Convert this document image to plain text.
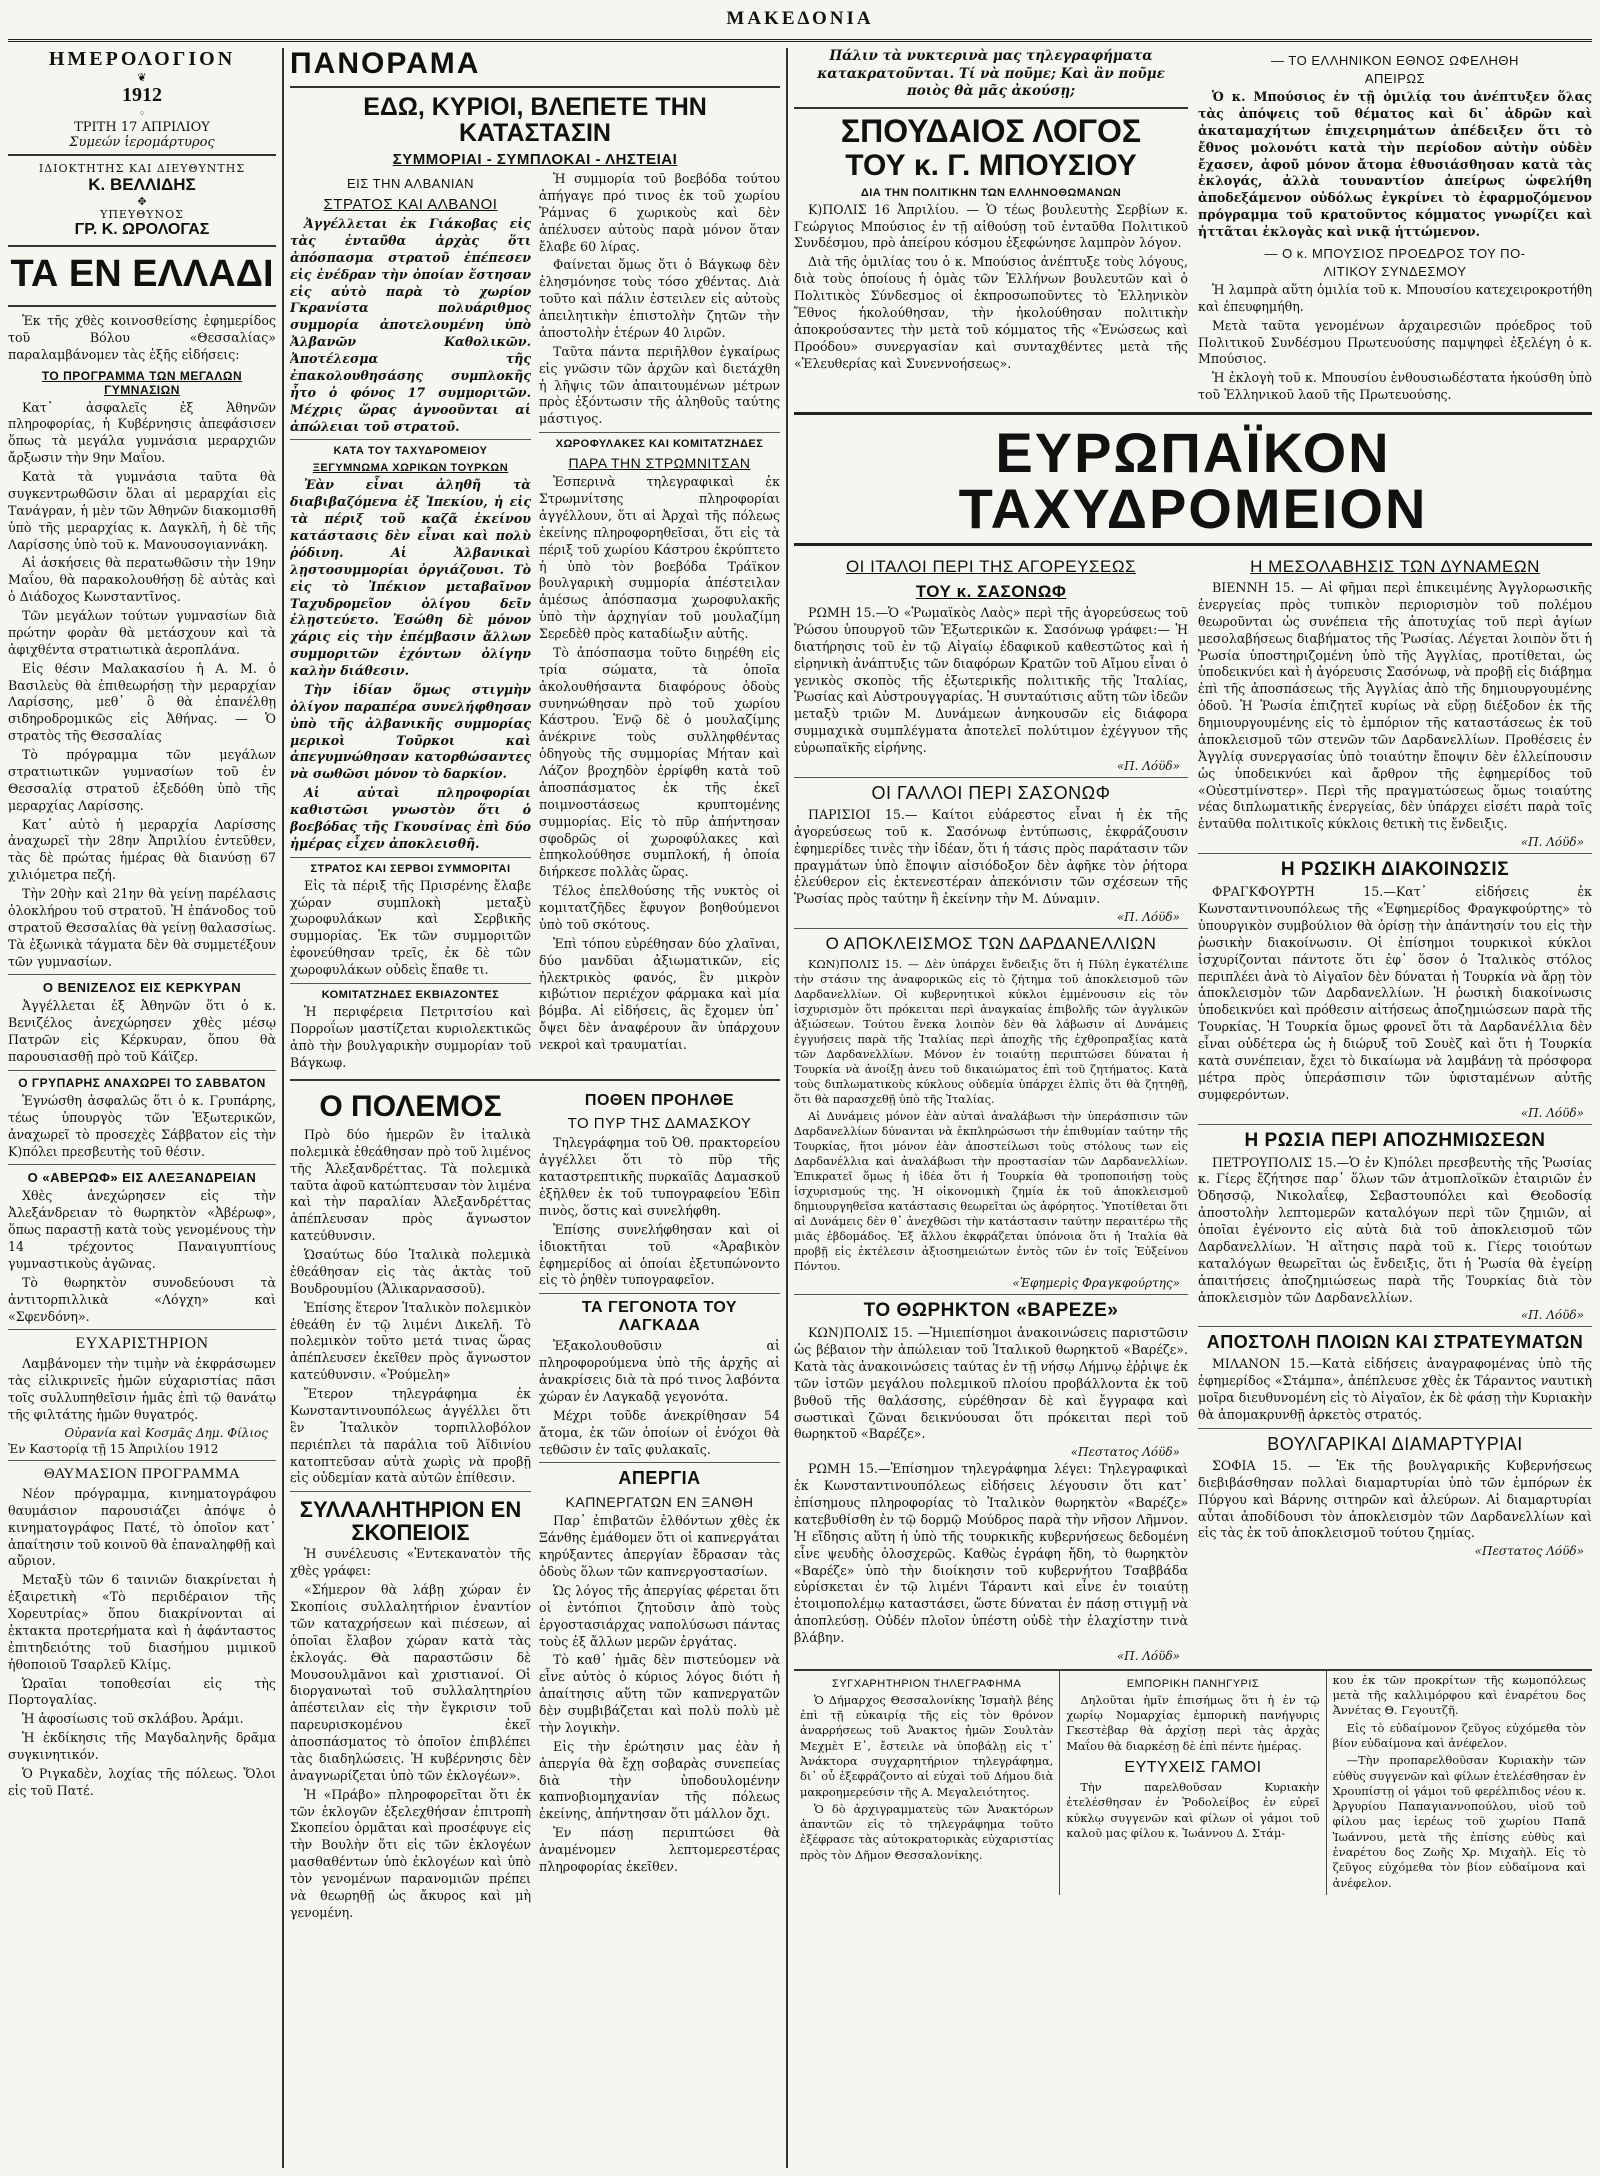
ΜΑΚΕΔΟΝΙΑ
ΗΜΕΡΟΛΟΓΙΟΝ
❦
1912
◦
ΤΡΙΤΗ 17 ΑΠΡΙΛΙΟΥ
Συμεών ἱερομάρτυρος
ΙΔΙΟΚΤΗΤΗΣ ΚΑΙ ΔΙΕΥΘΥΝΤΗΣ
Κ. ΒΕΛΛΙΔΗΣ
✥
ΥΠΕΥΘΥΝΟΣ
ΓΡ. Κ. ΩΡΟΛΟΓΑΣ
ΤΑ ΕΝ ΕΛΛΑΔΙ

Ἐκ τῆς χθὲς κοινοσθείσης ἐφημερίδος τοῦ Βόλου «Θεσσαλίας» παραλαμβάνομεν τὰς ἑξῆς εἰδήσεις:

ΤΟ ΠΡΟΓΡΑΜΜΑ ΤΩΝ ΜΕΓΑΛΩΝ ΓΥΜΝΑΣΙΩΝ

Κατ᾽ ἀσφαλεῖς ἐξ Ἀθηνῶν πληροφορίας, ἡ Κυβέρνησις ἀπεφάσισεν ὅπως τὰ μεγάλα γυμνάσια μεραρχιῶν ἄρξωσιν τὴν 9ην Μαΐου.

Κατὰ τὰ γυμνάσια ταῦτα θὰ συγκεντρωθῶσιν ὅλαι αἱ μεραρχίαι εἰς Τανάγραν, ἡ μὲν τῶν Ἀθηνῶν διακομισθῆ ὑπὸ τῆς μεραρχίας κ. Δαγκλῆ, ἡ δὲ τῆς Λαρίσσης ὑπὸ τοῦ κ. Μανουσογιαννάκη.

Αἱ ἀσκήσεις θὰ περατωθῶσιν τὴν 19ην Μαΐου, θὰ παρακολουθήσῃ δὲ αὐτὰς καὶ ὁ Διάδοχος Κωνσταντῖνος.

Τῶν μεγάλων τούτων γυμνασίων διὰ πρώτην φορὰν θὰ μετάσχουν καὶ τὰ ἀφιχθέντα στρατιωτικὰ ἀεροπλάνα.

Εἰς θέσιν Μαλακασίου ἡ Α. Μ. ὁ Βασιλεὺς θὰ ἐπιθεωρήσῃ τὴν μεραρχίαν Λαρίσσης, μεθ᾽ ὃ θὰ ἐπανέλθῃ σιδηροδρομικῶς εἰς Ἀθήνας. — Ὁ στρατὸς τῆς Θεσσαλίας

Τὸ πρόγραμμα τῶν μεγάλων στρατιωτικῶν γυμνασίων τοῦ ἐν Θεσσαλίᾳ στρατοῦ ἐξεδόθη ὑπὸ τῆς μεραρχίας Λαρίσσης.

Κατ᾽ αὐτὸ ἡ μεραρχία Λαρίσσης ἀναχωρεῖ τὴν 28ην Ἀπριλίου ἐντεῦθεν, τὰς δὲ πρώτας ἡμέρας θὰ διανύσῃ 67 χιλιόμετρα πεζή.

Τὴν 20ὴν καὶ 21ην θὰ γείνῃ παρέλασις ὁλοκλήρου τοῦ στρατοῦ. Ἡ ἐπάνοδος τοῦ στρατοῦ Θεσσαλίας θὰ γείνῃ θαλασσίως. Τὰ ἐξωνικὰ τάγματα δὲν θὰ συμμετέξουν τῶν γυμνασίων.

Ο ΒΕΝΙΖΕΛΟΣ ΕΙΣ ΚΕΡΚΥΡΑΝ

Ἀγγέλλεται ἐξ Ἀθηνῶν ὅτι ὁ κ. Βενιζέλος ἀνεχώρησεν χθὲς μέσῳ Πατρῶν εἰς Κέρκυραν, ὅπου θὰ παρουσιασθῇ πρὸ τοῦ Κάϊζερ.

Ο ΓΡΥΠΑΡΗΣ ΑΝΑΧΩΡΕΙ ΤΟ ΣΑΒΒΑΤΟΝ

Ἐγνώσθη ἀσφαλῶς ὅτι ὁ κ. Γρυπάρης, τέως ὑπουργὸς τῶν Ἐξωτερικῶν, ἀναχωρεῖ τὸ προσεχὲς Σάββατον εἰς τὴν Κ)πόλει πρεσβευτὴς τοῦ θέσιν.

Ο «ΑΒΕΡΩΦ» ΕΙΣ ΑΛΕΞΑΝΔΡΕΙΑΝ

Χθὲς ἀνεχώρησεν εἰς τὴν Ἀλεξάνδρειαν τὸ θωρηκτὸν «Ἀβέρωφ», ὅπως παραστῇ κατὰ τοὺς γενομένους τὴν 14 τρέχοντος Παναιγυπτίους γυμναστικοὺς ἀγῶνας.

Τὸ θωρηκτὸν συνοδεύουσι τὰ ἀντιτορπιλλικὰ «Λόγχη» καὶ «Σφενδόνη».

ΕΥΧΑΡΙΣΤΗΡΙΟΝ

Λαμβάνομεν τὴν τιμὴν νὰ ἐκφράσωμεν τὰς εἰλικρινεῖς ἡμῶν εὐχαριστίας πᾶσι τοῖς συλλυπηθεῖσιν ἡμᾶς ἐπὶ τῷ θανάτῳ τῆς φιλτάτης ἡμῶν θυγατρός.

Οὐρανία καὶ Κοσμᾶς Δημ. Φίλιος
Ἐν Καστορίᾳ τῇ 15 Ἀπριλίου 1912
ΘΑΥΜΑΣΙΟΝ ΠΡΟΓΡΑΜΜΑ

Νέον πρόγραμμα, κινηματογράφου θαυμάσιον παρουσιάζει ἀπόψε ὁ κινηματογράφος Πατέ, τὸ ὁποῖον κατ᾽ ἀπαίτησιν τοῦ κοινοῦ θὰ ἐπαναληφθῇ καὶ αὔριον.

Μεταξὺ τῶν 6 ταινιῶν διακρίνεται ἡ ἐξαιρετικὴ «Τὸ περιδέραιον τῆς Χορευτρίας» ὅπου διακρίνονται αἱ ἐκτακτα προτερήματα καὶ ἡ ἀφάνταστος ἐπιτηδειότης τοῦ διασήμου μιμικοῦ ἠθοποιοῦ Τσαρλεῦ Κλίμς.

Ὡραῖαι τοποθεσίαι εἰς τὴς Πορτογαλίας.

Ἡ ἀφοσίωσις τοῦ σκλάβου. Ἀράμι.

Ἡ ἐκδίκησις τῆς Μαγδαληνῆς δρᾶμα συγκινητικόν.

Ὁ Ριγκαδὲν, λοχίας τῆς πόλεως. Ὅλοι εἰς τοῦ Πατέ.

ΠΑΝΟΡΑΜΑ
ΕΔΩ, ΚΥΡΙΟΙ, ΒΛΕΠΕΤΕ ΤΗΝ ΚΑΤΑΣΤΑΣΙΝ
ΣΥΜΜΟΡΙΑΙ - ΣΥΜΠΛΟΚΑΙ - ΛΗΣΤΕΙΑΙ
ΕΙΣ ΤΗΝ ΑΛΒΑΝΙΑΝ
ΣΤΡΑΤΟΣ ΚΑΙ ΑΛΒΑΝΟΙ

Ἀγγέλλεται ἐκ Γιάκοβας εἰς τὰς ἐνταῦθα ἀρχὰς ὅτι ἀπόσπασμα στρατοῦ ἐπέπεσεν εἰς ἐνέδραν τὴν ὁποίαν ἔστησαν εἰς αὐτὸ παρὰ τὸ χωρίον Γκρανίστα πολυάριθμος συμμορία ἀποτελουμένη ὑπὸ Ἀλβανῶν Καθολικῶν. Ἀποτέλεσμα τῆς ἐπακολουθησάσης συμπλοκῆς ἦτο ὁ φόνος 17 συμμοριτῶν. Μέχρις ὥρας ἀγνοοῦνται αἱ ἀπώλειαι τοῦ στρατοῦ.

ΚΑΤΑ ΤΟΥ ΤΑΧΥΔΡΟΜΕΙΟΥ
ΞΕΓΥΜΝΩΜΑ ΧΩΡΙΚΩΝ ΤΟΥΡΚΩΝ

Ἐὰν εἶναι ἀληθῆ τὰ διαβιβαζόμενα ἐξ Ἰπεκίου, ἡ εἰς τὰ πέριξ τοῦ καζᾶ ἐκείνου κατάστασις δὲν εἶναι καὶ πολὺ ῥόδινη. Αἱ Ἀλβανικαὶ λῃστοσυμμορίαι ὀργιάζουσι. Τὸ εἰς τὸ Ἰπέκιον μεταβαῖνον Ταχυδρομεῖον ὀλίγου δεῖν ἐλῃστεύετο. Ἐσώθη δὲ μόνον χάρις εἰς τὴν ἐπέμβασιν ἄλλων συμμοριτῶν ἐχόντων ὀλίγην καλὴν διάθεσιν.

Τὴν ἰδίαν ὅμως στιγμὴν ὀλίγον παραπέρα συνελήφθησαν ὑπὸ τῆς ἀλβανικῆς συμμορίας μερικοὶ Τοῦρκοι καὶ ἀπεγυμνώθησαν κατορθώσαντες νὰ σωθῶσι μόνον τὸ δαρκίον.

Αἱ αὐταὶ πληροφορίαι καθιστῶσι γνωστὸν ὅτι ὁ βοεβόδας τῆς Γκουσίνας ἐπὶ δύο ἡμέρας εἶχεν ἀποκλεισθῆ.

ΣΤΡΑΤΟΣ ΚΑΙ ΣΕΡΒΟΙ ΣΥΜΜΟΡΙΤΑΙ

Εἰς τὰ πέριξ τῆς Πρισρένης ἔλαβε χώραν συμπλοκὴ μεταξὺ χωροφυλάκων καὶ Σερβικῆς συμμορίας. Ἐκ τῶν συμμοριτῶν ἐφονεύθησαν τρεῖς, ἐκ δὲ τῶν χωροφυλάκων οὐδεὶς ἔπαθε τι.

ΚΟΜΙΤΑΤΖΗΔΕΣ ΕΚΒΙΑΖΟΝΤΕΣ

Ἡ περιφέρεια Πετριτσίου καὶ Πορροΐων μαστίζεται κυριολεκτικῶς ἀπὸ τὴν βουλγαρικὴν συμμορίαν τοῦ Βάγκωφ.

Ἡ συμμορία τοῦ βοεβόδα τούτου ἀπήγαγε πρό τινος ἐκ τοῦ χωρίου Ῥάμνας 6 χωρικοὺς καὶ δὲν ἀπέλυσεν αὐτοὺς παρὰ μόνον ὅταν ἔλαβε 60 λίρας.

Φαίνεται ὅμως ὅτι ὁ Βάγκωφ δὲν ἐλησμόνησε τοὺς τόσο χθέντας. Διὰ τοῦτο καὶ πάλιν ἐστειλεν εἰς αὐτοὺς ἀπειλητικὴν ἐπιστολὴν ζητῶν τὴν ἀποστολὴν ἑτέρων 40 λιρῶν.

Ταῦτα πάντα περιῆλθον ἐγκαίρως εἰς γνῶσιν τῶν ἀρχῶν καὶ διετάχθη ἡ λῆψις τῶν ἀπαιτουμένων μέτρων πρὸς ἐξόντωσιν τῆς ἀληθοῦς ταύτης μάστιγος.

ΧΩΡΟΦΥΛΑΚΕΣ ΚΑΙ ΚΟΜΙΤΑΤΖΗΔΕΣ
ΠΑΡΑ ΤΗΝ ΣΤΡΩΜΝΙΤΣΑΝ

Ἑσπερινὰ τηλεγραφικαὶ ἐκ Στρωμνίτσης πληροφορίαι ἀγγέλλουν, ὅτι αἱ Ἀρχαὶ τῆς πόλεως ἐκείνης πληροφορηθεῖσαι, ὅτι εἰς τὰ πέριξ τοῦ χωρίου Κάστρου ἐκρύπτετο ἡ ὑπὸ τὸν βοεβόδα Τράϊκον βουλγαρικὴ συμμορία ἀπέστειλαν ἀμέσως ἀπόσπασμα χωροφυλακῆς ὑπὸ τὴν ἀρχηγίαν τοῦ μουλαζίμη Σερεδὲθ πρὸς καταδίωξιν αὐτῆς.

Τὸ ἀπόσπασμα τοῦτο διῃρέθη εἰς τρία σώματα, τὰ ὁποῖα ἀκολουθήσαντα διαφόρους ὁδοὺς συνηνώθησαν πρὸ τοῦ χωρίου Κάστρου. Ἐνῷ δὲ ὁ μουλαζίμης ἀνέκρινε τοὺς συλληφθέντας ὁδηγοὺς τῆς συμμορίας Μήταν καὶ Λάζον βροχηδὸν ἐρρίφθη κατὰ τοῦ ἀποσπάσματος ἐκ τῆς ἐκεῖ ποιμνοστάσεως κρυπτομένης συμμορίας. Εἰς τὸ πῦρ ἀπήντησαν σφοδρῶς οἱ χωροφύλακες καὶ ἐπηκολούθησε συμπλοκή, ἡ ὁποία διήρκεσε πολλὰς ὥρας.

Τέλος ἐπελθούσης τῆς νυκτὸς οἱ κομιτατζῆδες ἔφυγον βοηθούμενοι ὑπὸ τοῦ σκότους.

Ἐπὶ τόπου εὑρέθησαν δύο χλαῖναι, δύο μανδῦαι ἀξιωματικῶν, εἰς ἠλεκτρικὸς φανός, ἓν μικρὸν κιβώτιον περιέχον φάρμακα καὶ μία βόμβα. Αἱ εἰδήσεις, ἃς ἔχομεν ὑπ᾽ ὄψει δὲν ἀναφέρουν ἂν ὑπάρχουν νεκροὶ καὶ τραυματίαι.

Ο ΠΟΛΕΜΟΣ

Πρὸ δύο ἡμερῶν ἓν ἰταλικὰ πολεμικὰ ἐθεάθησαν πρὸ τοῦ λιμένος τῆς Ἀλεξανδρέττας. Τὰ πολεμικὰ ταῦτα ἀφοῦ κατώπτευσαν τὸν λιμένα καὶ τὴν παραλίαν Ἀλεξανδρέττας ἀπέπλευσαν πρὸς ἄγνωστον κατεύθυνσιν.

Ὡσαύτως δύο Ἰταλικὰ πολεμικὰ ἐθεάθησαν εἰς τὰς ἀκτὰς τοῦ Βουδρουμίου (Ἁλικαρνασσοῦ).

Ἐπίσης ἕτερον Ἰταλικὸν πολεμικὸν ἐθεάθη ἐν τῷ λιμένι Δικελῆ. Τὸ πολεμικὸν τοῦτο μετά τινας ὥρας ἀπέπλευσεν ἐκεῖθεν πρὸς ἄγνωστον κατεύθυνσιν. «Ῥούμελη»

Ἕτερον τηλεγράφημα ἐκ Κωνσταντινουπόλεως ἀγγέλλει ὅτι ἓν Ἰταλικὸν τορπιλλοβόλον περιέπλει τὰ παράλια τοῦ Ἀϊδινίου κατοπτεῦσαν αὐτὰ χωρὶς νὰ προβῇ εἰς οὐδεμίαν κατὰ αὐτῶν ἐπίθεσιν.

ΣΥΛΛΑΛΗΤΗΡΙΟΝ ΕΝ ΣΚΟΠΕΙΟΙΣ

Ἡ συνέλευσις «Ἐντεκανατὸν τῆς χθὲς γράφει:

«Σήμερον θὰ λάβῃ χώραν ἐν Σκοπίοις συλλαλητήριον ἐναντίον τῶν καταχρήσεων καὶ πιέσεων, αἱ ὁποῖαι ἔλαβον χώραν κατὰ τὰς ἐκλογάς. Θὰ παραστῶσιν δὲ Μουσουλμᾶνοι καὶ χριστιανοί. Οἱ διοργανωταὶ τοῦ συλλαλητηρίου ἀπέστειλαν εἰς τὴν ἔγκρισιν τοῦ παρευρισκομένου ἐκεῖ ἀποσπάσματος τὸ ὁποῖον ἐπιβλέπει τὰς διαδηλώσεις. Ἡ κυβέρνησις δὲν ἀναγνωρίζεται ὑπὸ τῶν ἐκλογέων».

Ἡ «Πράβο» πληροφορεῖται ὅτι ἐκ τῶν ἐκλογῶν ἐξελεχθήσαν ἐπιτροπὴ Σκοπείου ὁρμᾶται καὶ προσέφυγε εἰς τὴν Βουλὴν ὅτι εἰς τῶν ἐκλογέων μασθαθέντων ὑπὸ ἐκλογέων καὶ ὑπὸ τὸν γενομένων παρανομιῶν πρέπει νὰ θεωρηθῇ ὡς ἄκυρος καὶ μὴ γενομένη.

ΠΟΘΕΝ ΠΡΟΗΛΘΕ
ΤΟ ΠΥΡ ΤΗΣ ΔΑΜΑΣΚΟΥ

Τηλεγράφημα τοῦ Ὀθ. πρακτορείου ἀγγέλλει ὅτι τὸ πῦρ τῆς καταστρεπτικῆς πυρκαϊᾶς Δαμασκοῦ ἐξῆλθεν ἐκ τοῦ τυπογραφείου Ἐδὶπ πινὸς, ὅστις καὶ συνελήφθη.

Ἐπίσης συνελήφθησαν καὶ οἱ ἰδιοκτῆται τοῦ «Ἀραβικὸν ἐφημερίδος αἱ ὁποίαι ἐξετυπώνοντο εἰς τὸ ῥηθὲν τυπογραφεῖον.

ΤΑ ΓΕΓΟΝΟΤΑ ΤΟΥ ΛΑΓΚΑΔΑ

Ἐξακολουθοῦσιν αἱ πληροφορούμενα ὑπὸ τῆς ἀρχῆς αἱ ἀνακρίσεις διὰ τὰ πρό τινος λαβόντα χώραν ἐν Λαγκαδᾷ γεγονότα.

Μέχρι τοῦδε ἀνεκρίθησαν 54 ἄτομα, ἐκ τῶν ὁποίων οἱ ἐνόχοι θὰ τεθῶσιν ἐν ταῖς φυλακαῖς.

ΑΠΕΡΓΙΑ
ΚΑΠΝΕΡΓΑΤΩΝ ΕΝ ΞΑΝΘΗ

Παρ᾽ ἐπιβατῶν ἐλθόντων χθὲς ἐκ Ξάνθης ἐμάθομεν ὅτι οἱ καπνεργάται κηρύξαντες ἀπεργίαν ἔδρασαν τὰς ὁδοὺς ὅλων τῶν καπνεργοστασίων.

Ὡς λόγος τῆς ἀπεργίας φέρεται ὅτι οἱ ἐντόπιοι ζητοῦσιν ἀπὸ τοὺς ἐργοστασιάρχας ναπολύσωσι πάντας τοὺς ἐξ ἄλλων μερῶν ἐργάτας.

Τὸ καθ᾽ ἡμᾶς δὲν πιστεύομεν νὰ εἶνε αὐτὸς ὁ κύριος λόγος διότι ἡ ἀπαίτησις αὕτη τῶν καπνεργατῶν δὲν συμβιβάζεται καὶ πολὺ πολὺ μὲ τὴν λογικὴν.

Εἰς τὴν ἐρώτησιν μας ἐὰν ἡ ἀπεργία θὰ ἔχῃ σοβαρὰς συνεπείας διὰ τὴν ὑποδουλομένην καπνοβιομηχανίαν τῆς πόλεως ἐκείνης, ἀπήντησαν ὅτι μάλλον ὄχι.

Ἐν πάσῃ περιπτώσει θὰ ἀναμένομεν λεπτομερεστέρας πληροφορίας ἐκεῖθεν.

Πάλιν τὰ νυκτερινὰ μας τηλεγραφήματα κατακρατοῦνται. Τί νὰ ποῦμε; Καὶ ἂν ποῦμε ποιὸς θὰ μᾶς ἀκούσῃ;
ΣΠΟΥΔΑΙΟΣ ΛΟΓΟΣ
ΤΟΥ κ. Γ. ΜΠΟΥΣΙΟΥ
ΔΙΑ ΤΗΝ ΠΟΛΙΤΙΚΗΝ ΤΩΝ ΕΛΛΗΝΟΘΩΜΑΝΩΝ

Κ)ΠΟΛΙΣ 16 Ἀπριλίου. — Ὁ τέως βουλευτὴς Σερβίων κ. Γεώργιος Μπούσιος ἐν τῇ αἰθούσῃ τοῦ ἐνταῦθα Πολιτικοῦ Συνδέσμου, πρὸ ἀπείρου κόσμου ἐξεφώνησε λαμπρὸν λόγον.

Διὰ τῆς ὁμιλίας του ὁ κ. Μπούσιος ἀνέπτυξε τοὺς λόγους, διὰ τοὺς ὁποίους ἡ ὁμὰς τῶν Ἑλλήνων βουλευτῶν καὶ ὁ Πολιτικὸς Σύνδεσμος οἱ ἐκπροσωποῦντες τὸ Ἑλληνικὸν Ἔθνος ἠκολούθησαν, τὴν ἠκολούθησαν πολιτικὴν ἀποκρούσαντες τὴν μετὰ τοῦ κόμματος τῆς «Ἑνώσεως καὶ Προόδου» συνεργασίαν καὶ συνταχθέντες μετὰ τῆς «Ἐλευθερίας καὶ Συνεννοήσεως».

— ΤΟ ΕΛΛΗΝΙΚΟΝ ΕΘΝΟΣ ΩΦΕΛΗΘΗ
ΑΠΕΙΡΩΣ

Ὁ κ. Μπούσιος ἐν τῇ ὁμιλίᾳ του ἀνέπτυξεν ὅλας τὰς ἀπόψεις τοῦ θέματος καὶ δι᾽ ἀδρῶν καὶ ἀκαταμαχήτων ἐπιχειρημάτων ἀπέδειξεν ὅτι τὸ ἔθνος μολονότι κατὰ τὴν περίοδον αὐτὴν οὐδὲν ἔχασεν, ἀφοῦ μόνον ἄτομα ἐθυσιάσθησαν κατὰ τὰς ἐκλογάς, ἀλλὰ τουναντίον ἀπείρως ὠφελήθη ἀποδεξάμενον οὐδόλως ἐγκρίνει τὸ ἐφαρμοζόμενον πρόγραμμα τοῦ κρατοῦντος κόμματος γνωρίζει καὶ ἡττᾶται ἐκλογὰς καὶ νικᾷ ἡττώμενον.

— Ο κ. ΜΠΟΥΣΙΟΣ ΠΡΟΕΔΡΟΣ ΤΟΥ ΠΟ-
ΛΙΤΙΚΟΥ ΣΥΝΔΕΣΜΟΥ

Ἡ λαμπρὰ αὕτη ὁμιλία τοῦ κ. Μπουσίου κατεχειροκροτήθη καὶ ἐπευφημήθη.

Μετὰ ταῦτα γενομένων ἀρχαιρεσιῶν πρόεδρος τοῦ Πολιτικοῦ Συνδέσμου Πρωτευούσης παμψηφεὶ ἐξελέγη ὁ κ. Μπούσιος.

Ἡ ἐκλογὴ τοῦ κ. Μπουσίου ἐνθουσιωδέστατα ἠκούσθη ὑπὸ τοῦ Ἑλληνικοῦ λαοῦ τῆς Πρωτευούσης.

ΕΥΡΩΠΑΪΚΟΝ ΤΑΧΥΔΡΟΜΕΙΟΝ
ΟΙ ΙΤΑΛΟΙ ΠΕΡΙ ΤΗΣ ΑΓΟΡΕΥΣΕΩΣ
ΤΟΥ κ. ΣΑΣΟΝΩΦ

ΡΩΜΗ 15.—Ὁ «Ῥωμαϊκὸς Λαὸς» περὶ τῆς ἀγορεύσεως τοῦ Ῥώσου ὑπουργοῦ τῶν Ἐξωτερικῶν κ. Σασόνωφ γράφει:— Ἡ διατήρησις τοῦ ἐν τῷ Αἰγαίῳ ἐδαφικοῦ καθεστῶτος καὶ ἡ εἰρηνικὴ ἀνάπτυξις τῶν διαφόρων Κρατῶν τοῦ Αἴμου εἶναι ὁ γενικὸς σκοπὸς τῆς ἐξωτερικῆς πολιτικῆς τῆς Ἰταλίας, Ῥωσίας καὶ Αὐστρουγγαρίας. Ἡ συνταύτισις αὕτη τῶν ἰδεῶν μεταξὺ τριῶν Μ. Δυνάμεων ἀνηκουσῶν εἰς διάφορα συμμαχικὰ συμπλέγματα ἀποτελεῖ πολύτιμον ἐχέγγυον τῆς εὐρωπαϊκῆς εἰρήνης.

«Π. Λόϋδ»
ΟΙ ΓΑΛΛΟΙ ΠΕΡΙ ΣΑΣΟΝΩΦ

ΠΑΡΙΣΙΟΙ 15.— Καίτοι εὐάρεστος εἶναι ἡ ἐκ τῆς ἀγορεύσεως τοῦ κ. Σασόνωφ ἐντύπωσις, ἐκφράζουσιν ἐφημερίδες τινὲς τὴν ἰδέαν, ὅτι ἡ τάσις πρὸς παράτασιν τῶν πραγμάτων ὑπὸ ἔποψιν αἰσιόδοξον δὲν ἀφῆκε τὸν ῥήτορα ἐλεύθερον εἰς ἐκτενεστέραν ἀπεκόνισιν τῶν σχέσεων τῆς Ῥωσίας πρὸς ταύτην ἢ ἐκείνην τὴν Μ. Δύναμιν.

«Π. Λόϋδ»
Ο ΑΠΟΚΛΕΙΣΜΟΣ ΤΩΝ ΔΑΡΔΑΝΕΛΛΙΩΝ

ΚΩΝ)ΠΟΛΙΣ 15. — Δὲν ὑπάρχει ἔνδειξις ὅτι ἡ Πύλη ἐγκατέλιπε τὴν στάσιν της ἀναφορικῶς εἰς τὸ ζήτημα τοῦ ἀποκλεισμοῦ τῶν Δαρδανελλίων. Οἱ κυβερνητικοὶ κύκλοι ἐμμένουσιν εἰς τὸν ἰσχυρισμὸν ὅτι πρόκειται περὶ ἀναγκαίας ἐπιβολῆς τῶν ἀγγλικῶν ἀξιώσεων. Τούτου ἕνεκα λοιπὸν δὲν θὰ λάβωσιν αἱ Δυνάμεις ἐγγυήσεις παρὰ τῆς Ἰταλίας περὶ ἀποχῆς τῆς ἐχθροπραξίας κατὰ τῶν Δαρδανελλίων. Μόνον ἐν τοιαύτῃ περιπτώσει δύναται ἡ Τουρκία νὰ ἀνοίξῃ ἀνευ τοῦ δικαιώματος ἐπὶ τοῦ ζητήματος. Κατὰ τοὺς διπλωματικοὺς κύκλους οὐδεμία ὑπάρχει ἐλπὶς ὅτι θὰ ζητηθῇ, ὅτι θὰ παρασχεθῇ ὑπὸ τῆς Ἰταλίας.

Αἱ Δυνάμεις μόνον ἐὰν αὐταὶ ἀναλάβωσι τὴν ὑπεράσπισιν τῶν Δαρδανελλίων δύνανται νὰ ἐκπληρώσωσι τὴν ἐπιθυμίαν ταύτην τῆς Τουρκίας, ἥτοι μόνον ἐὰν ἀποστείλωσι τοὺς στόλους των εἰς Δαρδανέλλια καὶ ἀναλάβωσι τὴν προστασίαν τῶν Δαρδανελλίων. Ἐπικρατεῖ ὅμως ἡ ἰδέα ὅτι ἡ Τουρκία θὰ τροποποιήσῃ τοὺς ἰσχυρισμούς της. Ἡ οἰκονομικὴ ζημία ἐκ τοῦ ἀποκλεισμοῦ δημιουργηθεῖσα κατάστασις θεωρεῖται ὡς ἀφόρητος. Ὑποτίθεται ὅτι αἱ Δυνάμεις δὲν θ᾽ ἀνεχθῶσι τὴν κατάστασιν ταύτην περαιτέρω τῆς μιᾶς ἐβδομάδος. Ἐξ ἄλλου ἐκφράζεται ὑπόνοια ὅτι ἡ Ἰταλία θὰ προβῇ εἰς ἐκτέλεσιν ἀξιοσημειώτων ἐντὸς τῶν ἐν τοῖς Ἐὐξείνου Πόντου.

«Ἐφημερὶς Φραγκφούρτης»
ΤΟ ΘΩΡΗΚΤΟΝ «ΒΑΡΕΖΕ»

ΚΩΝ)ΠΟΛΙΣ 15. —Ἡμιεπίσημοι ἀνακοινώσεις παριστῶσιν ὡς βέβαιον τὴν ἀπώλειαν τοῦ Ἰταλικοῦ θωρηκτοῦ «Βαρέζε». Κατὰ τὰς ἀνακοινώσεις ταύτας ἐν τῇ νήσῳ Λήμνῳ ἐῤῥιψε ἐκ τῶν ἱστῶν μεγάλου πολεμικοῦ πλοίου προβάλλοντα ἐκ τοῦ βυθοῦ τῆς θαλάσσης, εὑρέθησαν δὲ καὶ ἔγγραφα καὶ σωστικαὶ ζῶναι δεικνύουσαι ὅτι πρόκειται περὶ τοῦ θωρηκτοῦ «Βαρέζε».

«Πεστατος Λόϋδ»

ΡΩΜΗ 15.—Ἐπίσημον τηλεγράφημα λέγει: Τηλεγραφικαὶ ἐκ Κωνσταντινουπόλεως εἰδήσεις λέγουσιν ὅτι κατ᾽ ἐπίσημους πληροφορίας τὸ Ἰταλικὸν θωρηκτὸν «Βαρέζε» κατεβυθίσθη ἐν τῷ δορμῷ Μούδρος παρὰ τὴν νῆσον Λῆμνον. Ἡ εἴδησις αὕτη ἡ ὑπὸ τῆς τουρκικῆς κυβερνήσεως δεδομένη εἶνε ψευδὴς ὁλοσχερῶς. Καθὼς ἐγράφη ἤδη, τὸ θωρηκτὸν «Βαρέζε» ὑπὸ τὴν διοίκησιν τοῦ κυβερνήτου Τσαββάδα εὑρίσκεται ἐν τῷ λιμένι Τάραντι καὶ εἶνε ἐν τοιαύτῃ ἑτοιμοπολέμῳ καταστάσει, ὥστε δύναται ἐν πάσῃ στιγμῇ νὰ ἀποπλεύσῃ. Οὐδέν πλοῖον ὑπέστη οὐδὲ τὴν ἐλαχίστην τινὰ βλάβην.

«Π. Λόϋδ»
Η ΜΕΣΟΛΑΒΗΣΙΣ ΤΩΝ ΔΥΝΑΜΕΩΝ

ΒΙΕΝΝΗ 15. — Αἱ φῆμαι περὶ ἐπικειμένης Ἀγγλορωσικῆς ἐνεργείας πρὸς τυπικὸν περιορισμὸν τοῦ πολέμου θεωροῦνται ὡς συνέπεια τῆς ἀποτυχίας τοῦ περὶ ἁγίων μεσολαβήσεως διαβήματος τῆς Ῥωσίας. Λέγεται λοιπὸν ὅτι ἡ Ῥωσία ὑποστηριζομένη ὑπὸ τῆς Ἀγγλίας, προτίθεται, ὡς ὑποδεικνύει καὶ ἡ ἀγόρευσις Σασόνωφ, νὰ προβῇ εἰς διάβημα ἐπὶ τῆς ἀποσπάσεως τῆς Ἀγγλίας ἀπὸ τῆς δημιουργουμένης ὁδοῦ. Ἡ Ῥωσία ἐπιζητεῖ κυρίως νὰ εὕρῃ διέξοδον ἐκ τῆς δημιουργουμένης εἰς τὸ ἐμπόριον τῆς καταστάσεως ἐκ τοῦ ἀποκλεισμοῦ τῶν στενῶν τῶν Δαρδανελλίων. Προθέσεις ἐν Ἀγγλίᾳ συνεργασίας ὑπὸ τοιαύτην ἔποψιν δὲν ἐλλείπουσιν ὡς ὑποδεικνύει καὶ ἄρθρον τῆς ἐφημερίδος τοῦ «Οὐεστμίνστερ». Περὶ τῆς πραγματώσεως ὅμως τοιαύτης νέας διπλωματικῆς ἐνεργείας, δὲν ὑπάρχει εἰσέτι παρὰ τοῖς ἐνταῦθα πολιτικοῖς κύκλοις θετικὴ τις ἔνδειξις.

«Π. Λόϋδ»
Η ΡΩΣΙΚΗ ΔΙΑΚΟΙΝΩΣΙΣ

ΦΡΑΓΚΦΟΥΡΤΗ 15.—Κατ᾽ εἰδήσεις ἐκ Κωνσταντινουπόλεως τῆς «Ἐφημερίδος Φραγκφούρτης» τὸ ὑπουργικὸν συμβούλιον θὰ ὁρίσῃ τὴν ἀπάντησίν του εἰς τὴν ῥωσικὴν διακοίνωσιν. Οἱ ἐπίσημοι τουρκικοὶ κύκλοι ἰσχυρίζονται πάντοτε ὅτι ἐφ᾽ ὅσον ὁ Ἰταλικὸς στόλος περιπλέει ἀνὰ τὸ Αἰγαῖον δὲν δύναται ἡ Τουρκία νὰ ἄρῃ τὸν ἀποκλεισμὸν τῶν Δαρδανελλίων. Ἡ ῥωσικὴ διακοίνωσις ὑποδεικνύει καὶ πρόθεσιν αἰτήσεως ἀποζημιώσεων παρὰ τῆς Τουρκίας. Ἡ Τουρκία ὅμως φρονεῖ ὅτι τὰ Δαρδανέλλια δὲν εἶναι οὐδέτερα ὡς ἡ διώρυξ τοῦ Σουὲζ καὶ ὅτι ἡ Τουρκία κατὰ συνέπειαν, ἔχει τὸ δικαίωμα νὰ λαμβάνῃ τὰ πρόσφορα μέτρα πρὸς ὑπεράσπισιν τῶν ὑφισταμένων αὐτῆς συμφερόντων.

«Π. Λόϋδ»
Η ΡΩΣΙΑ ΠΕΡΙ ΑΠΟΖΗΜΙΩΣΕΩΝ

ΠΕΤΡΟΥΠΟΛΙΣ 15.—Ὁ ἐν Κ)πόλει πρεσβευτὴς τῆς Ῥωσίας κ. Γίερς ἔζήτησε παρ᾽ ὅλων τῶν ἀτμοπλοϊκῶν ἑταιριῶν ἐν Ὀδησσῷ, Νικολαΐεφ, Σεβαστουπόλει καὶ Θεοδοσίᾳ ἀποστολὴν λεπτομερῶν καταλόγων περὶ τῶν ζημιῶν, αἱ ὁποῖαι ἐγένοντο εἰς αὐτὰ διὰ τοῦ ἀποκλεισμοῦ τῶν Δαρδανελλίων. Ἡ αἴτησις παρὰ τοῦ κ. Γίερς τοιούτων καταλόγων θεωρεῖται ὡς ἔνδειξις, ὅτι ἡ Ῥωσία θὰ ἐγείρῃ ἀπαιτήσεις ἀποζημιώσεως παρὰ τῆς Τουρκίας διὰ τὸν ἀποκλεισμὸν τῶν Δαρδανελλίων.

«Π. Λόϋδ»
ΑΠΟΣΤΟΛΗ ΠΛΟΙΩΝ ΚΑΙ ΣΤΡΑΤΕΥΜΑΤΩΝ

ΜΙΛΑΝΟΝ 15.—Κατὰ εἰδήσεις ἀναγραφομένας ὑπὸ τῆς ἐφημερίδος «Στάμπα», ἀπέπλευσε χθὲς ἐκ Τάραντος ναυτικὴ μοῖρα διευθυνομένη εἰς τὸ Αἰγαῖον, ἐκ δὲ φάσῃ τὴν Κυριακὴν θὰ ἀπομακρυνθῇ ἀρκετὸς στρατός.

ΒΟΥΛΓΑΡΙΚΑΙ ΔΙΑΜΑΡΤΥΡΙΑΙ

ΣΟΦΙΑ 15. — Ἐκ τῆς βουλγαρικῆς Κυβερνήσεως διεβιβάσθησαν πολλαὶ διαμαρτυρίαι ὑπὸ τῶν ἐμπόρων ἐκ Πύργου καὶ Βάρνης σιτηρῶν καὶ ἀλεύρων. Αἱ διαμαρτυρίαι αὗται ἀποδίδουσι τὸν ἀποκλεισμὸν τῶν Δαρδανελλίων καὶ εἰς τὰς ἐκ τοῦ ἀποκλεισμοῦ τούτου ζημίας.

«Πεστατος Λόϋδ»
ΣΥΓΧΑΡΗΤΗΡΙΟΝ ΤΗΛΕΓΡΑΦΗΜΑ

Ὁ Δήμαρχος Θεσσαλονίκης Ἰσμαὴλ βέης ἐπὶ τῇ εὐκαιρίᾳ τῆς εἰς τὸν θρόνον ἀναρρήσεως τοῦ Ἀνακτος ἡμῶν Σουλτὰν Μεχμὲτ Ε᾽, ἔστειλε νὰ ὑποβάλῃ εἰς τ᾽ Ἀνάκτορα συγχαρητήριον τηλεγράφημα, δι᾽ οὗ ἐξεφράζοντο αἱ εὐχαὶ τοῦ Δήμου διὰ μακροημερεύσιν τῆς Α. Μεγαλειότητος.

Ὁ δὸ ἀρχιγραμματεὺς τῶν Ἀνακτόρων ἀπαντῶν εἰς τὸ τηλεγράφημα τοῦτο ἐξέφρασε τὰς αὐτοκρατορικὰς εὐχαριστίας πρὸς τὸν Δῆμον Θεσσαλονίκης.

ΕΜΠΟΡΙΚΗ ΠΑΝΗΓΥΡΙΣ

Δηλοῦται ἡμῖν ἐπισήμως ὅτι ἡ ἐν τῷ χωρίῳ Νομαρχίας ἐμπορικὴ πανήγυρις Γκεστὲβαρ θὰ ἀρχίσῃ περὶ τὰς ἀρχὰς Μαΐου θὰ διαρκέσῃ δὲ ἐπὶ πέντε ἡμέρας.

ΕΥΤΥΧΕΙΣ ΓΑΜΟΙ

Τὴν παρελθοῦσαν Κυριακὴν ἐτελέσθησαν ἐν Ῥοδολείβος ἐν εὐρεῖ κύκλῳ συγγενῶν καὶ φίλων οἱ γάμοι τοῦ καλοῦ μας φίλου κ. Ἰωάννου Δ. Στάμ-

κου ἐκ τῶν προκρίτων τῆς κωμοπόλεως μετὰ τῆς καλλιμόρφου καὶ ἐναρέτου δος Ἀννέτας Θ. Γεγουτζῆ.

Εἰς τὸ εὐδαίμονον ζεῦγος εὐχόμεθα τὸν βίον εὐδαίμονα καὶ ἀνέφελον.

—Τὴν προπαρελθοῦσαν Κυριακὴν τῶν εὐθὺς συγγενῶν καὶ φίλων ἐτελέσθησαν ἐν Χρουπίστῃ οἱ γάμοι τοῦ φερέλπιδος νέου κ. Ἀργυρίου Παπαγιαννοπούλου, υἱοῦ τοῦ φίλου μας ἱερέως τοῦ χωρίου Παπᾶ Ἰωάννου, μετὰ τῆς ἐπίσης εὐθὺς καὶ ἐναρέτου δος Ζωῆς Χρ. Μιχαὴλ. Εἰς τὸ ζεῦγος εὐχόμεθα τὸν βίον εὐδαίμονα καὶ ἀνέφελον.
